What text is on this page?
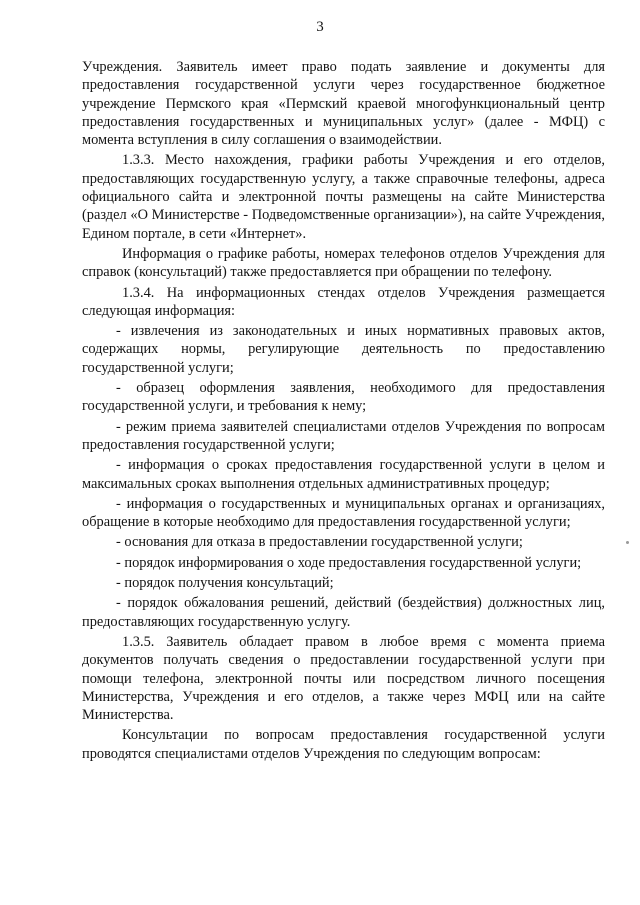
3

Учреждения. Заявитель имеет право подать заявление и документы для предоставления государственной услуги через государственное бюджетное учреждение Пермского края «Пермский краевой многофункциональный центр предоставления государственных и муниципальных услуг» (далее - МФЦ) с момента вступления в силу соглашения о взаимодействии.

1.3.3. Место нахождения, графики работы Учреждения и его отделов, предоставляющих государственную услугу, а также справочные телефоны, адреса официального сайта и электронной почты размещены на сайте Министерства (раздел «О Министерстве - Подведомственные организации»), на сайте Учреждения, Едином портале, в сети «Интернет».

Информация о графике работы, номерах телефонов отделов Учреждения для справок (консультаций) также предоставляется при обращении по телефону.

1.3.4. На информационных стендах отделов Учреждения размещается следующая информация:

- извлечения из законодательных и иных нормативных правовых актов, содержащих нормы, регулирующие деятельность по предоставлению государственной услуги;

- образец оформления заявления, необходимого для предоставления государственной услуги, и требования к нему;

- режим приема заявителей специалистами отделов Учреждения по вопросам предоставления государственной услуги;

- информация о сроках предоставления государственной услуги в целом и максимальных сроках выполнения отдельных административных процедур;

- информация о государственных и муниципальных органах и организациях, обращение в которые необходимо для предоставления государственной услуги;

- основания для отказа в предоставлении государственной услуги;

- порядок информирования о ходе предоставления государственной услуги;

- порядок получения консультаций;

- порядок обжалования решений, действий (бездействия) должностных лиц, предоставляющих государственную услугу.

1.3.5. Заявитель обладает правом в любое время с момента приема документов получать сведения о предоставлении государственной услуги при помощи телефона, электронной почты или посредством личного посещения Министерства, Учреждения и его отделов, а также через МФЦ или на сайте Министерства.

Консультации по вопросам предоставления государственной услуги проводятся специалистами отделов Учреждения по следующим вопросам:
